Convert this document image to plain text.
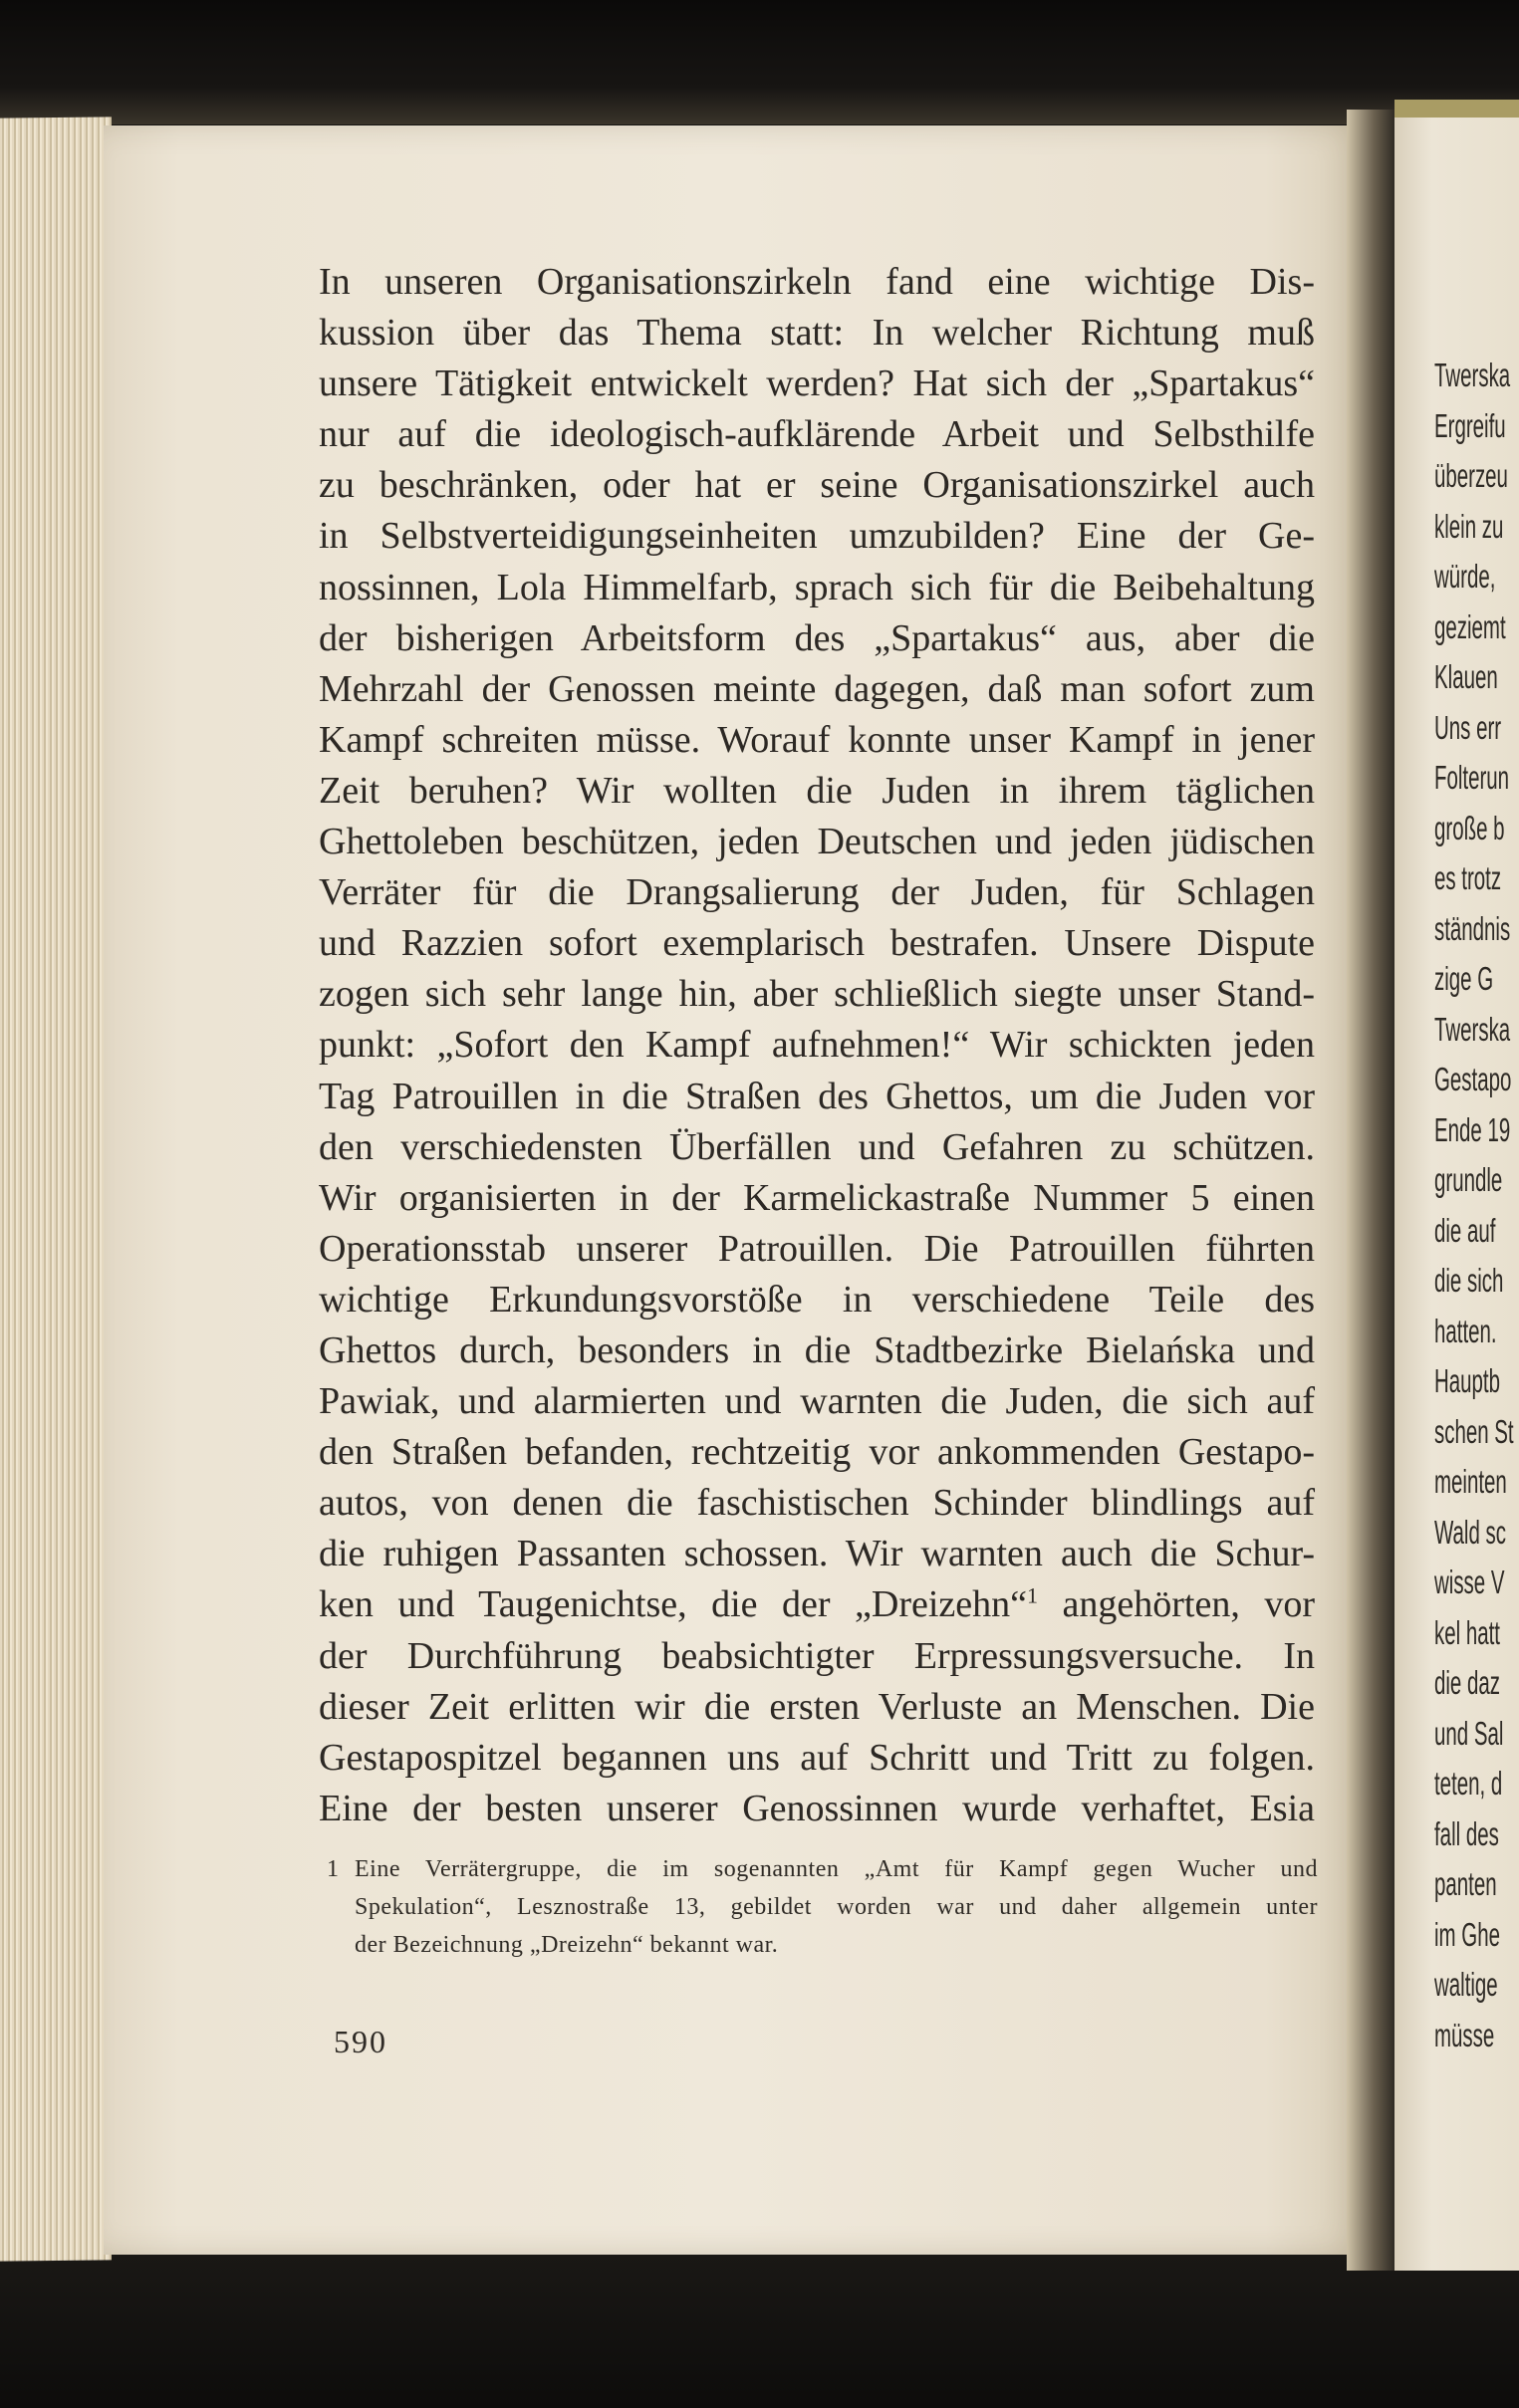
In unseren Organisationszirkeln fand eine wichtige Dis-
kussion über das Thema statt: In welcher Richtung muß
unsere Tätigkeit entwickelt werden? Hat sich der „Spartakus“
nur auf die ideologisch-aufklärende Arbeit und Selbsthilfe
zu beschränken, oder hat er seine Organisationszirkel auch
in Selbstverteidigungseinheiten umzubilden? Eine der Ge-
nossinnen, Lola Himmelfarb, sprach sich für die Beibehaltung
der bisherigen Arbeitsform des „Spartakus“ aus, aber die
Mehrzahl der Genossen meinte dagegen, daß man sofort zum
Kampf schreiten müsse. Worauf konnte unser Kampf in jener
Zeit beruhen? Wir wollten die Juden in ihrem täglichen
Ghettoleben beschützen, jeden Deutschen und jeden jüdischen
Verräter für die Drangsalierung der Juden, für Schlagen
und Razzien sofort exemplarisch bestrafen. Unsere Dispute
zogen sich sehr lange hin, aber schließlich siegte unser Stand-
punkt: „Sofort den Kampf aufnehmen!“ Wir schickten jeden
Tag Patrouillen in die Straßen des Ghettos, um die Juden vor
den verschiedensten Überfällen und Gefahren zu schützen.
Wir organisierten in der Karmelickastraße Nummer 5 einen
Operationsstab unserer Patrouillen. Die Patrouillen führten
wichtige Erkundungsvorstöße in verschiedene Teile des
Ghettos durch, besonders in die Stadtbezirke Bielańska und
Pawiak, und alarmierten und warnten die Juden, die sich auf
den Straßen befanden, rechtzeitig vor ankommenden Gestapo-
autos, von denen die faschistischen Schinder blindlings auf
die ruhigen Passanten schossen. Wir warnten auch die Schur-
ken und Taugenichtse, die der „Dreizehn“$^1$ angehörten, vor
der Durchführung beabsichtigter Erpressungsversuche. In
dieser Zeit erlitten wir die ersten Verluste an Menschen. Die
Gestapospitzel begannen uns auf Schritt und Tritt zu folgen.
Eine der besten unserer Genossinnen wurde verhaftet, Esia
1 Eine Verrätergruppe, die im sogenannten „Amt für Kampf gegen Wucher und
Spekulation“, Lesznostraße 13, gebildet worden war und daher allgemein unter
der Bezeichnung „Dreizehn“ bekannt war.
590
Twerska
Ergreifu
überzeu
klein zu
würde,
geziemt
Klauen
Uns err
Folterun
große b
es trotz
ständnis
zige G
Twerska
Gestapo
Ende 19
grundle
die auf
die sich
hatten.
Hauptb
schen St
meinten
Wald sc
wisse V
kel hatt
die daz
und Sal
teten, d
fall des
panten
im Ghe
waltige
müsse
